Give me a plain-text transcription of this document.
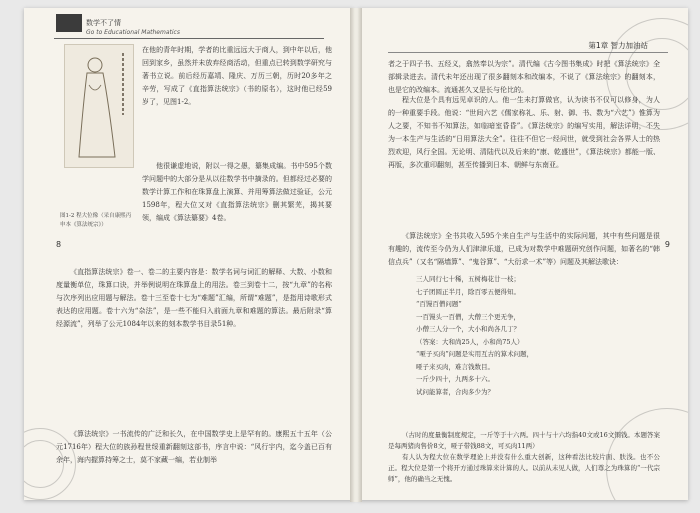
数学不了情
Go to Educational Mathematics
图1-2 程大位像（采自康熙丙申本《算法统宗》）
在他的青年时期，学者的比重远远大于商人，到中年以后，他回到家乡，虽然并未放弃经商活动，但重点已转到数学研究与著书立说。前后经历嘉靖、隆庆、万历三朝，历时20多年之辛劳，写成了《直指算法统宗》（书的原名），这时他已经59岁了，见图1-2。
他很谦虚地说，附以一得之愚，纂集成编。书中595个数学问题中的大部分是从以往数学书中摘录的。但都经过必要的数学计算工作和在珠算盘上演算、并用筹算法做过验证，公元1598年，程大位又对《直指算法统宗》删其繁芜，揭其要领，编成《算法纂要》4卷。
《直指算法统宗》卷一、卷二的主要内容是：数学名词与词汇的解释、大数、小数和度量衡单位，珠算口诀，并举例说明在珠算盘上的用法。卷三到卷十二，按“九章”的名称与次序列出应用题与解法。卷十三至卷十七为“难题”汇编，所谓“难题”，是指用诗歌形式表达的应用题。卷十六为“杂法”，是一些不能归入前面九章和难题的算法。最后附录“算经源流”，列举了公元1084年以来的刻本数学书目录51种。
《算法统宗》一书流传的广泛和长久，在中国数学史上是罕有的。康熙五十五年（公元1716年）程大位的族孙程世绥重新翻刻这部书，序言中说：“风行宇内，迄今盖已百有余年，海内握算持筹之士，莫不家藏一编，若业制举
8
第1章 智力加油站
者之于四子书、五经义，翕然奉以为宗”。清代编《古今图书集成》时把《算法统宗》全部辑录进去。清代未年还出现了很多翻刻本和改编本，不说了《算法统宗》的翻刻本，也是它的改编本。流通甚久又是长与伦比的。
程大位是个具有远见卓识的人。他一生未打算做官，认为读书不仅可以修身，为人的一种重要手段。他说：“世间六艺《儒家称礼、乐、射、御、书、数为“六艺”》惟算为人之要，不知书不知算法，如临暗室昏昏”。《算法统宗》的编写实用，解法详明，不失为一本生产与生活的“日用算法大全”。往往不但它一经问世，就受到社会各界人士的热烈欢迎，风行全国。无论明、清陆代以及后来的“康、乾盛世”，《算法统宗》都能一版、再版，多次重印翻刻，甚至传播到日本、朝鲜与东南亚。
9
《算法统宗》全书共收入595个来自生产与生活中的实际问题，其中有些问题是很有趣的，流传至今仍为人们津津乐道，已成为对数学中难题研究创作问题，如著名的“韩信点兵”（又名“隔墙算”、“鬼谷算”、“大衍求一术”等）问题及其解法歌诀：
三人同行七十稀，五树梅花廿一枝；
七子团圆正半月，除百零五便得知。
“百馒百僧问题”
一百馒头一百僧，大僧三个更无争，
小僧三人分一个，大小和尚各几丁？
（答案：大和尚25人，小和尚75人）
“哑子买肉”问题是实用互古的算术问题，
哑子来买肉，难言钱数目。
一斤少四十，九两多十六。
试问能算者，合肉多少为？
（古时的度量衡制度规定，一斤等于十六两。四十与十六均指40文或16文铜钱。本题答案是每两猪肉售价8文，哑子带钱88文，可买肉11两）
有人认为程大位在数学理论上并没有什么重大创新，这种看法比较片面、肤浅。也不公正。程大位是第一个将开方通过珠算来计算的人。以前从未见人做，人们尊之为珠算的“一代宗师”，他的确当之无愧。
